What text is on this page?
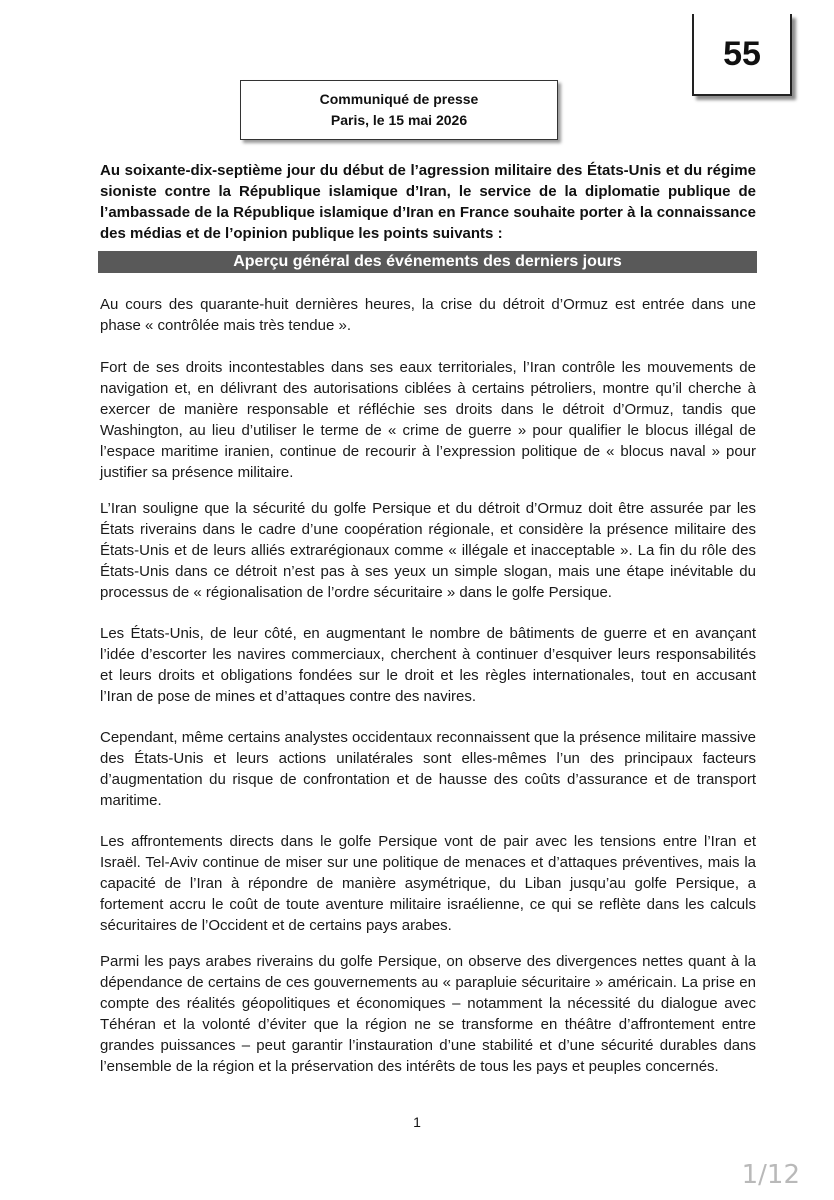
55
Communiqué de presse
Paris, le 15 mai 2026
Au soixante-dix-septième jour du début de l’agression militaire des États-Unis et du régime sioniste contre la République islamique d’Iran, le service de la diplomatie publique de l’ambassade de la République islamique d’Iran en France souhaite porter à la connaissance des médias et de l’opinion publique les points suivants :
Aperçu général des événements des derniers jours

Au cours des quarante-huit dernières heures, la crise du détroit d’Ormuz est entrée dans une phase « contrôlée mais très tendue ».

Fort de ses droits incontestables dans ses eaux territoriales, l’Iran contrôle les mouvements de navigation et, en délivrant des autorisations ciblées à certains pétroliers, montre qu’il cherche à exercer de manière responsable et réfléchie ses droits dans le détroit d’Ormuz, tandis que Washington, au lieu d’utiliser le terme de « crime de guerre » pour qualifier le blocus illégal de l’espace maritime iranien, continue de recourir à l’expression politique de « blocus naval » pour justifier sa présence militaire.

L’Iran souligne que la sécurité du golfe Persique et du détroit d’Ormuz doit être assurée par les États riverains dans le cadre d’une coopération régionale, et considère la présence militaire des États-Unis et de leurs alliés extrarégionaux comme « illégale et inacceptable ». La fin du rôle des États-Unis dans ce détroit n’est pas à ses yeux un simple slogan, mais une étape inévitable du processus de « régionalisation de l’ordre sécuritaire » dans le golfe Persique.

Les États-Unis, de leur côté, en augmentant le nombre de bâtiments de guerre et en avançant l’idée d’escorter les navires commerciaux, cherchent à continuer d’esquiver leurs responsabilités et leurs droits et obligations fondées sur le droit et les règles internationales, tout en accusant l’Iran de pose de mines et d’attaques contre des navires.

Cependant, même certains analystes occidentaux reconnaissent que la présence militaire massive des États-Unis et leurs actions unilatérales sont elles-mêmes l’un des principaux facteurs d’augmentation du risque de confrontation et de hausse des coûts d’assurance et de transport maritime.

Les affrontements directs dans le golfe Persique vont de pair avec les tensions entre l’Iran et Israël. Tel-Aviv continue de miser sur une politique de menaces et d’attaques préventives, mais la capacité de l’Iran à répondre de manière asymétrique, du Liban jusqu’au golfe Persique, a fortement accru le coût de toute aventure militaire israélienne, ce qui se reflète dans les calculs sécuritaires de l’Occident et de certains pays arabes.

Parmi les pays arabes riverains du golfe Persique, on observe des divergences nettes quant à la dépendance de certains de ces gouvernements au « parapluie sécuritaire » américain. La prise en compte des réalités géopolitiques et économiques – notamment la nécessité du dialogue avec Téhéran et la volonté d’éviter que la région ne se transforme en théâtre d’affrontement entre grandes puissances – peut garantir l’instauration d’une stabilité et d’une sécurité durables dans l’ensemble de la région et la préservation des intérêts de tous les pays et peuples concernés.

1
1/12
